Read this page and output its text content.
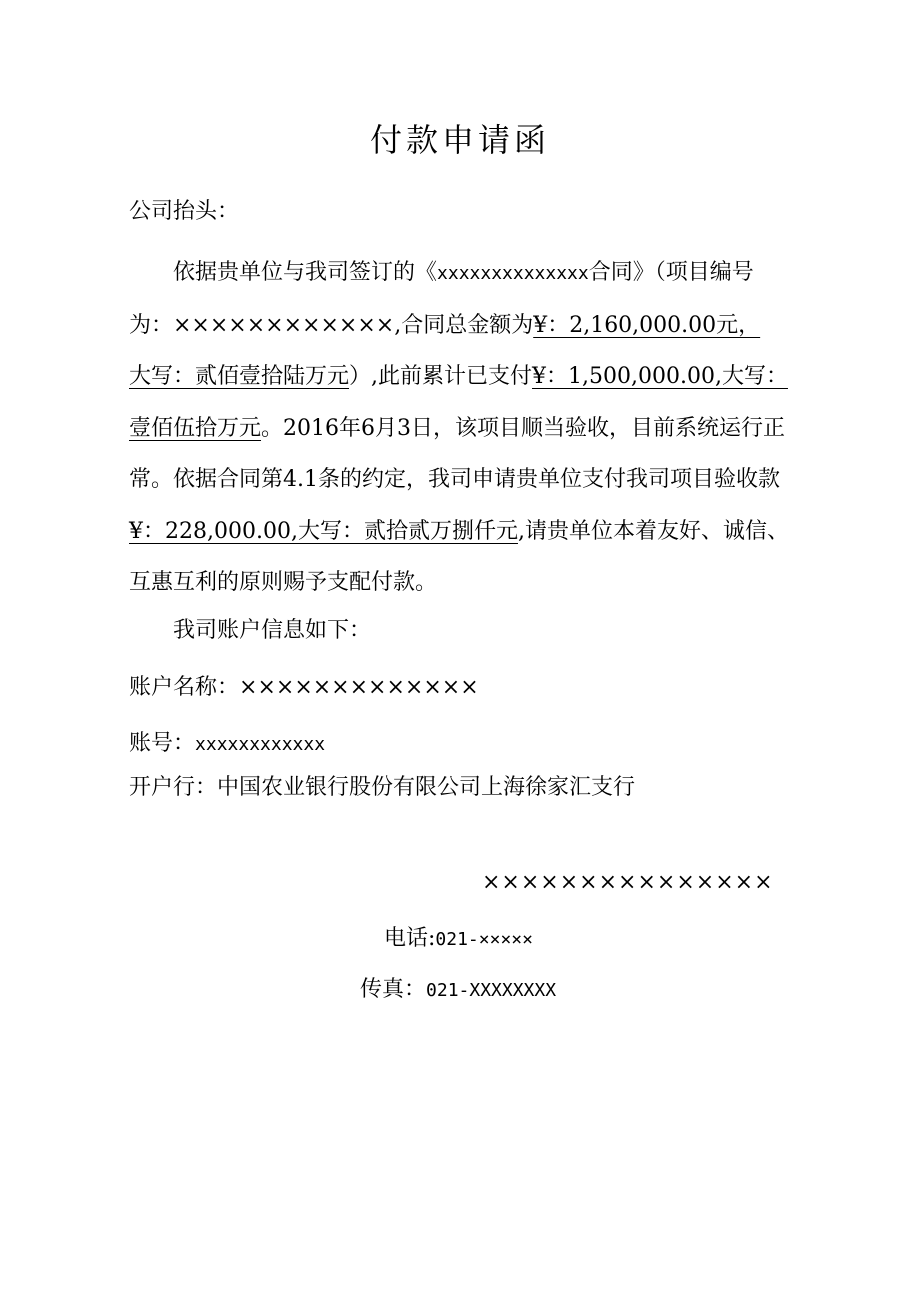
付款申请函
公司抬头：
依据贵单位与我司签订的《xxxxxxxxxxxxxx合同》（项目编号
为：××××××××××××,合同总金额为¥：2,160,000.00元，
大写：贰佰壹拾陆万元）,此前累计已支付¥：1,500,000.00,大写：
壹佰伍拾万元。2016年6月3日，该项目顺当验收，目前系统运行正
常。依据合同第4.1条的约定，我司申请贵单位支付我司项目验收款
¥：228,000.00,大写：贰拾贰万捌仟元,请贵单位本着友好、诚信、
互惠互利的原则赐予支配付款。
我司账户信息如下：
账户名称：×××××××××××××
账号：xxxxxxxxxxxx
开户行：中国农业银行股份有限公司上海徐家汇支行
×××××××××××××××
电话:021-×××××
传真：021-XXXXXXXX
